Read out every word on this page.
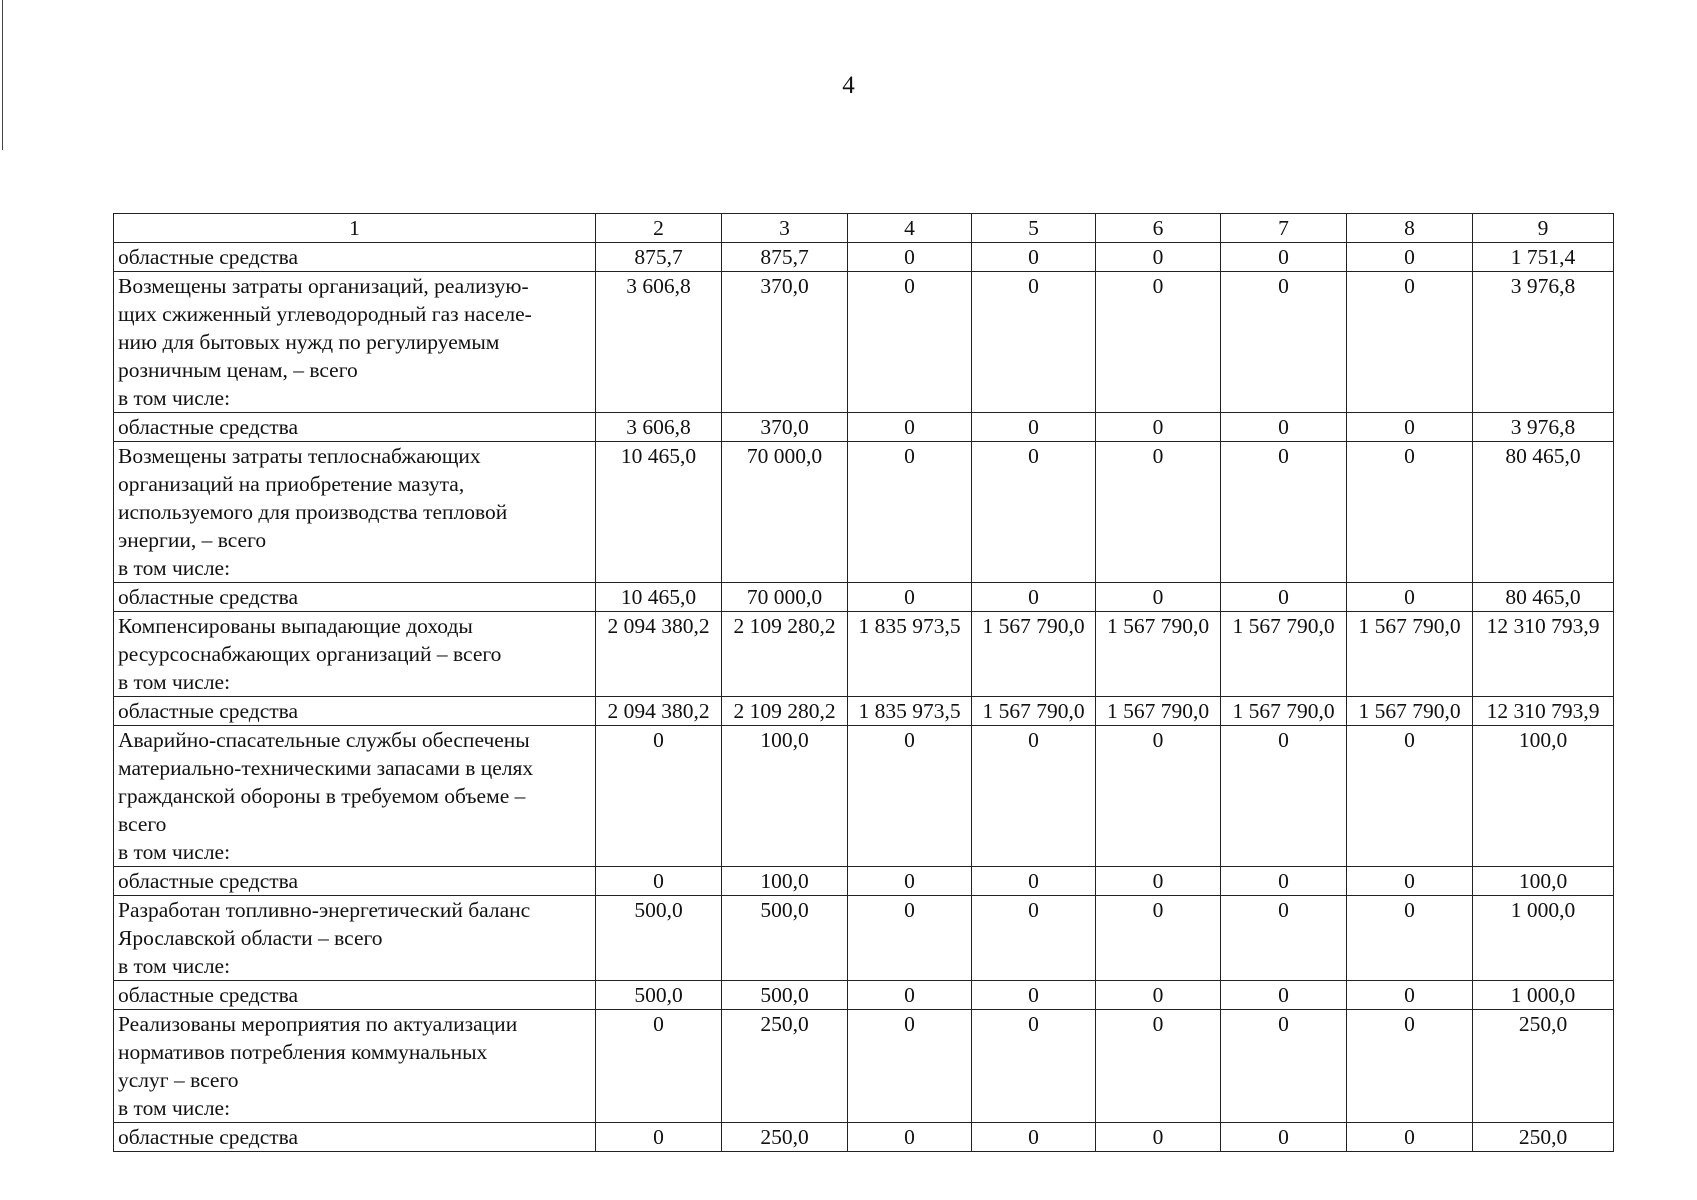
4
1	2	3	4	5	6	7	8	9

областные средства	875,7	875,7	0	0	0	0	0	1 751,4

Возмещены затраты организаций, реализую-
щих сжиженный углеводородный газ населе-
нию для бытовых нужд по регулируемым
розничным ценам, – всего
в том числе:	3 606,8	370,0	0	0	0	0	0	3 976,8

областные средства	3 606,8	370,0	0	0	0	0	0	3 976,8

Возмещены затраты теплоснабжающих
организаций на приобретение мазута,
используемого для производства тепловой
энергии, – всего
в том числе:	10 465,0	70 000,0	0	0	0	0	0	80 465,0

областные средства	10 465,0	70 000,0	0	0	0	0	0	80 465,0

Компенсированы выпадающие доходы
ресурсоснабжающих организаций – всего
в том числе:	2 094 380,2	2 109 280,2	1 835 973,5	1 567 790,0	1 567 790,0	1 567 790,0	1 567 790,0	12 310 793,9

областные средства	2 094 380,2	2 109 280,2	1 835 973,5	1 567 790,0	1 567 790,0	1 567 790,0	1 567 790,0	12 310 793,9

Аварийно-спасательные службы обеспечены
материально-техническими запасами в целях
гражданской обороны в требуемом объеме –
всего
в том числе:	0	100,0	0	0	0	0	0	100,0

областные средства	0	100,0	0	0	0	0	0	100,0

Разработан топливно-энергетический баланс
Ярославской области – всего
в том числе:	500,0	500,0	0	0	0	0	0	1 000,0

областные средства	500,0	500,0	0	0	0	0	0	1 000,0

Реализованы мероприятия по актуализации
нормативов потребления коммунальных
услуг – всего
в том числе:	0	250,0	0	0	0	0	0	250,0

областные средства	0	250,0	0	0	0	0	0	250,0
